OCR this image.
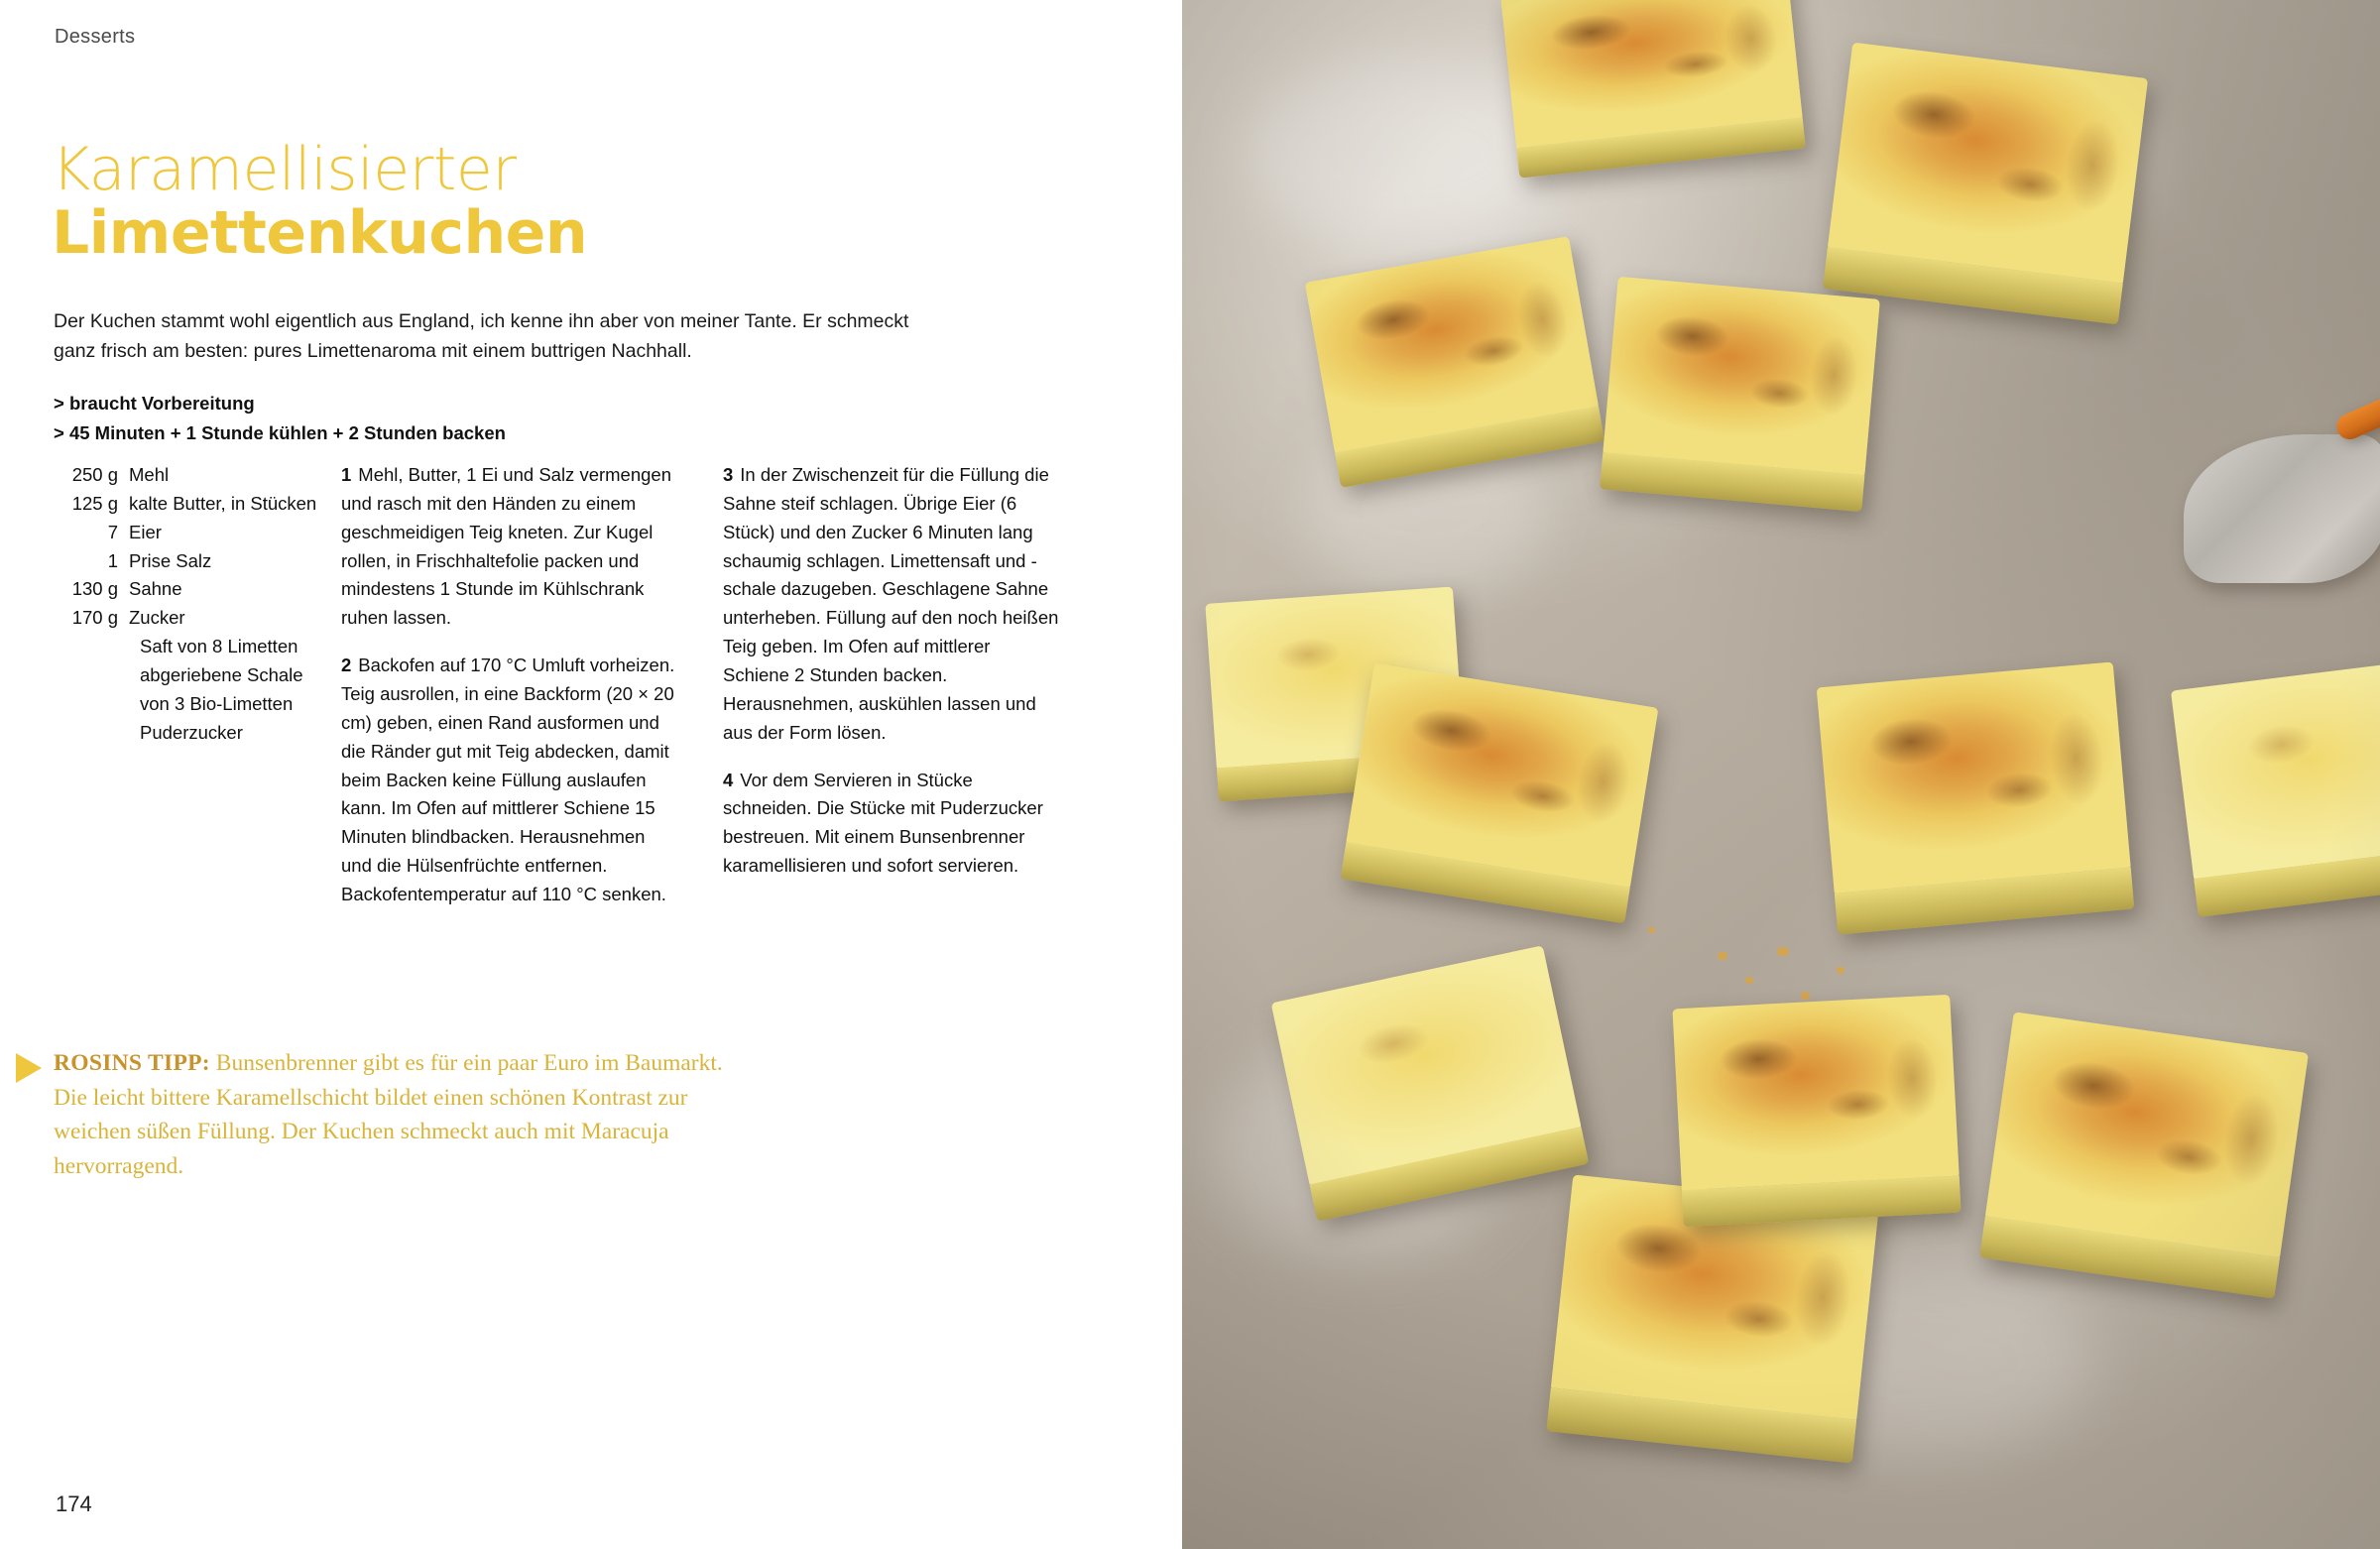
Desserts
Karamellisierter
Limettenkuchen
Der Kuchen stammt wohl eigentlich aus England, ich kenne ihn aber von meiner Tante. Er schmeckt ganz frisch am besten: pures Limettenaroma mit einem buttrigen Nachhall.
> braucht Vorbereitung
> 45 Minuten + 1 Stunde kühlen + 2 Stunden backen
250 g Mehl
125 g kalte Butter, in Stücken
7 Eier
1 Prise Salz
130 g Sahne
170 g Zucker
Saft von 8 Limetten
abgeriebene Schale
von 3 Bio-Limetten
Puderzucker
1 Mehl, Butter, 1 Ei und Salz vermengen und rasch mit den Händen zu einem geschmeidigen Teig kneten. Zur Kugel rollen, in Frischhaltefolie packen und mindestens 1 Stunde im Kühlschrank ruhen lassen.
2 Backofen auf 170 °C Umluft vorheizen. Teig ausrollen, in eine Backform (20 × 20 cm) geben, einen Rand ausformen und die Ränder gut mit Teig abdecken, damit beim Backen keine Füllung auslaufen kann. Im Ofen auf mittlerer Schiene 15 Minuten blindbacken. Herausnehmen und die Hülsenfrüchte entfernen. Backofentemperatur auf 110 °C senken.
3 In der Zwischenzeit für die Füllung die Sahne steif schlagen. Übrige Eier (6 Stück) und den Zucker 6 Minuten lang schaumig schlagen. Limettensaft und -schale dazugeben. Geschlagene Sahne unterheben. Füllung auf den noch heißen Teig geben. Im Ofen auf mittlerer Schiene 2 Stunden backen. Herausnehmen, auskühlen lassen und aus der Form lösen.
4 Vor dem Servieren in Stücke schneiden. Die Stücke mit Puderzucker bestreuen. Mit einem Bunsenbrenner karamellisieren und sofort servieren.
ROSINS TIPP: Bunsenbrenner gibt es für ein paar Euro im Baumarkt. Die leicht bittere Karamellschicht bildet einen schönen Kontrast zur weichen süßen Füllung. Der Kuchen schmeckt auch mit Maracuja hervorragend.
174
